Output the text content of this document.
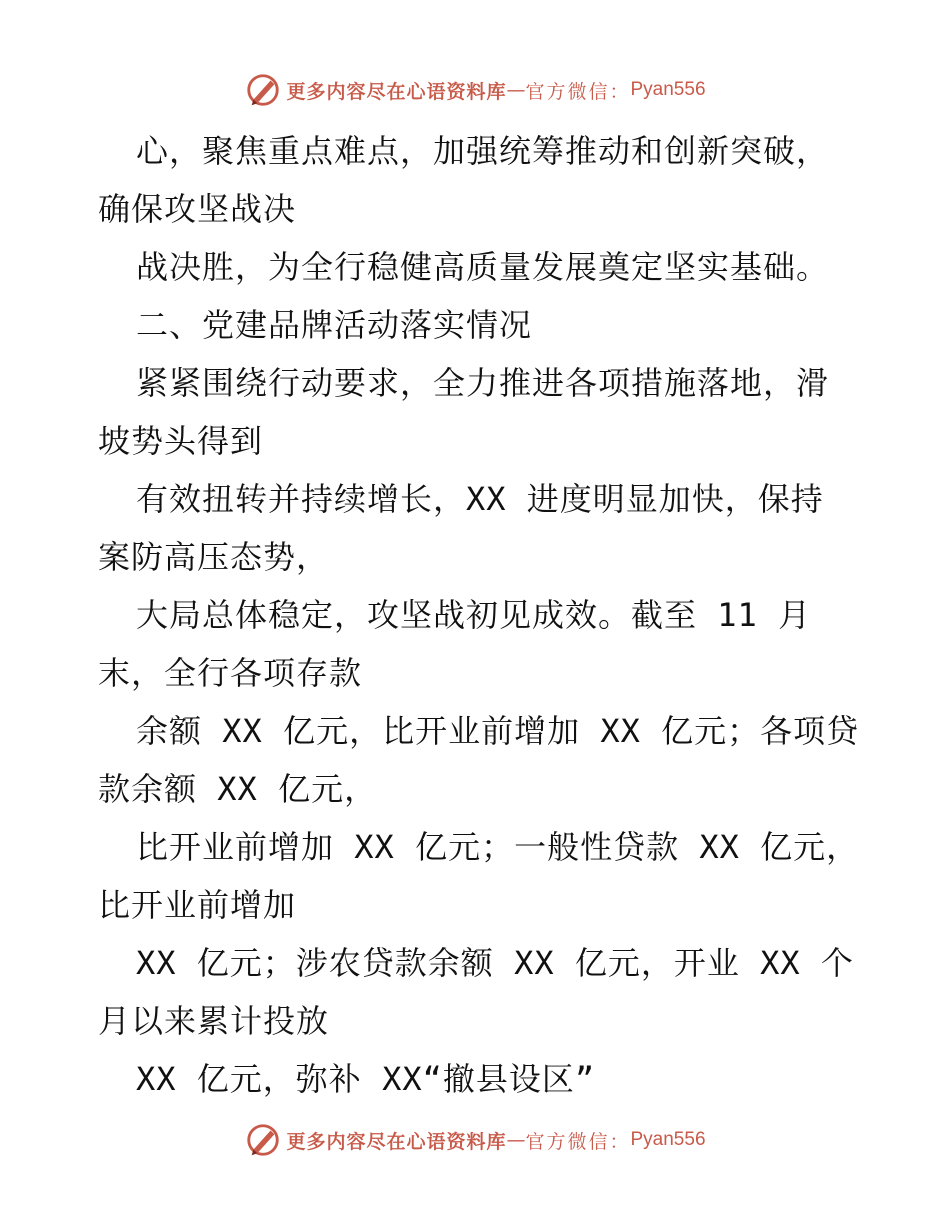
更多内容尽在心语资料库 — 官方微信： Pyan556
心，聚焦重点难点，加强统筹推动和创新突破，
确保攻坚战决
战决胜，为全行稳健高质量发展奠定坚实基础。
二、党建品牌活动落实情况
紧紧围绕行动要求，全力推进各项措施落地，滑
坡势头得到
有效扭转并持续增长，XX 进度明显加快，保持
案防高压态势，
大局总体稳定，攻坚战初见成效。截至 11 月
末，全行各项存款
余额 XX 亿元，比开业前增加 XX 亿元；各项贷
款余额 XX 亿元，
比开业前增加 XX 亿元；一般性贷款 XX 亿元，
比开业前增加
XX 亿元；涉农贷款余额 XX 亿元，开业 XX 个
月以来累计投放
XX 亿元，弥补 XX“撤县设区”
更多内容尽在心语资料库 — 官方微信： Pyan556
